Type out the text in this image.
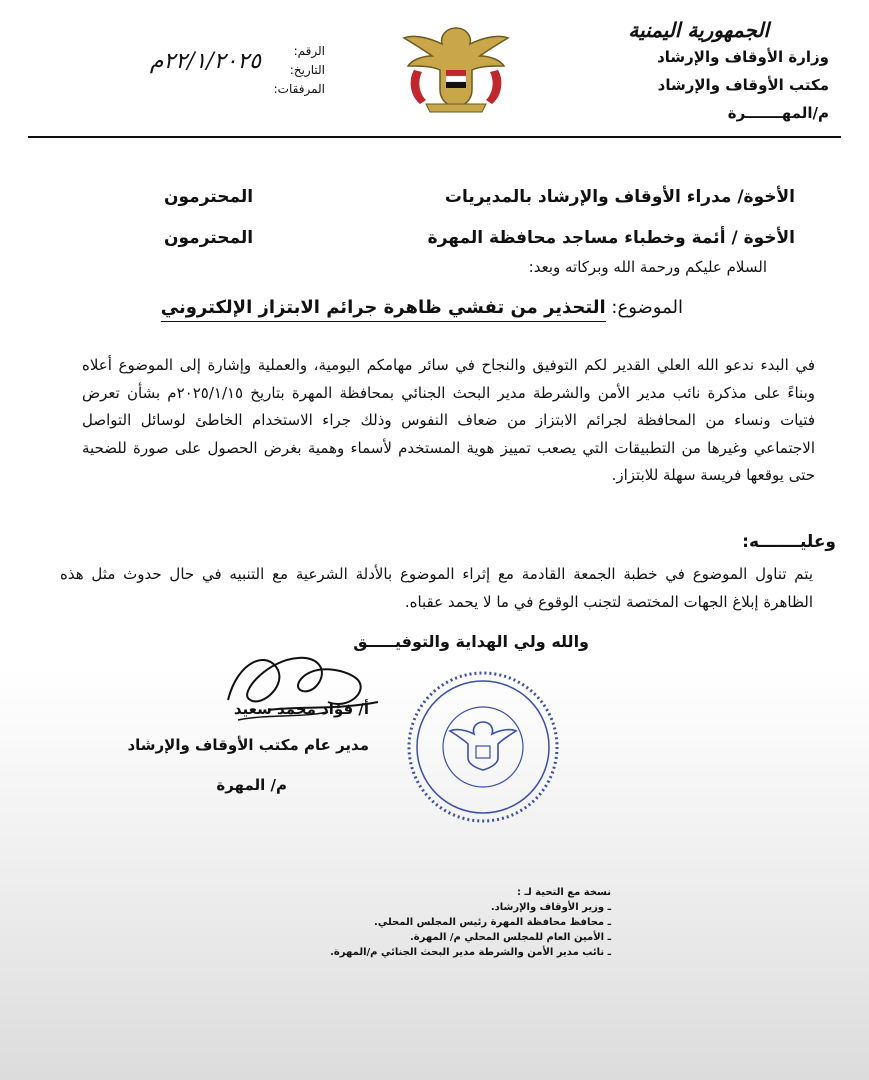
الجمهورية اليمنية
وزارة الأوقاف والإرشاد
مكتب الأوقاف والإرشاد
م/المهـــــــرة
الرقم:
التاريخ:
المرفقات:
٢٢/١/٢٠٢٥م
الأخوة/ مدراء الأوقاف والإرشاد بالمديريات
المحترمون
الأخوة / أئمة وخطباء مساجد محافظة المهرة
المحترمون
السلام عليكم ورحمة الله وبركاته وبعد:
الموضوع: التحذير من تفشي ظاهرة جرائم الابتزاز الإلكتروني
في البدء ندعو الله العلي القدير لكم التوفيق والنجاح في سائر مهامكم اليومية، والعملية وإشارة إلى الموضوع أعلاه وبناءً على مذكرة نائب مدير الأمن والشرطة مدير البحث الجنائي بمحافظة المهرة بتاريخ ٢٠٢٥/١/١٥م بشأن تعرض فتيات ونساء من المحافظة لجرائم الابتزاز من ضعاف النفوس وذلك جراء الاستخدام الخاطئ لوسائل التواصل الاجتماعي وغيرها من التطبيقات التي يصعب تمييز هوية المستخدم لأسماء وهمية بغرض الحصول على صورة للضحية حتى يوقعها فريسة سهلة للابتزاز.
وعليـــــــه:
يتم تناول الموضوع في خطبة الجمعة القادمة مع إثراء الموضوع بالأدلة الشرعية مع التنبيه في حال حدوث مثل هذه الظاهرة إبلاغ الجهات المختصة لتجنب الوقوع في ما لا يحمد عقباه.
والله ولي الهداية والتوفيـــــق
أ/ فؤاد محمد سعيد
مدير عام مكتب الأوقاف والإرشاد
م/ المهرة
نسخة مع التحية لـ :
ـ وزير الأوقاف والإرشاد.
ـ محافظ محافظة المهرة رئيس المجلس المحلي.
ـ الأمين العام للمجلس المحلي م/ المهرة.
ـ نائب مدير الأمن والشرطة مدير البحث الجنائي م/المهرة.
